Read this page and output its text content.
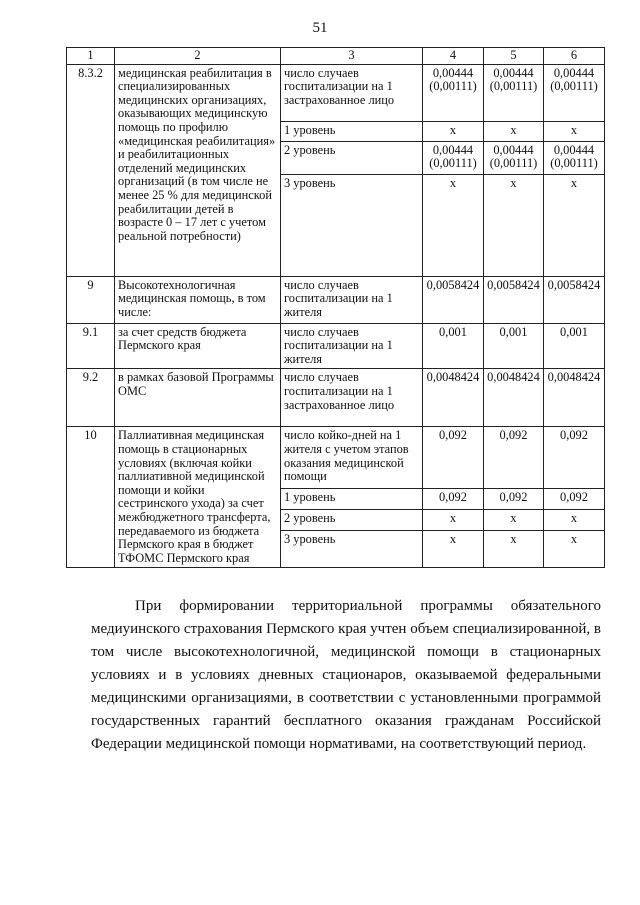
51
1	2	3	4	5	6
8.3.2	медицинская реабилитация в специализированных медицинских организациях, оказывающих медицинскую помощь по профилю «медицинская реабилитация» и реабилитационных отделений медицинских организаций (в том числе не менее 25 % для медицинской реабилитации детей в возрасте 0 – 17 лет с учетом реальной потребности)	число случаев госпитализации на 1 застрахованное лицо	0,00444 (0,00111)	0,00444 (0,00111)	0,00444 (0,00111)
		1 уровень	х	х	х
		2 уровень	0,00444 (0,00111)	0,00444 (0,00111)	0,00444 (0,00111)
		3 уровень	х	х	х
9	Высокотехнологичная медицинская помощь, в том числе:	число случаев госпитализации на 1 жителя	0,0058424	0,0058424	0,0058424
9.1	за счет средств бюджета Пермского края	число случаев госпитализации на 1 жителя	0,001	0,001	0,001
9.2	в рамках базовой Программы ОМС	число случаев госпитализации на 1 застрахованное лицо	0,0048424	0,0048424	0,0048424
10	Паллиативная медицинская помощь в стационарных условиях (включая койки паллиативной медицинской помощи и койки сестринского ухода) за счет межбюджетного трансферта, передаваемого из бюджета Пермского края в бюджет ТФОМС Пермского края	число койко-дней на 1 жителя с учетом этапов оказания медицинской помощи	0,092	0,092	0,092
		1 уровень	0,092	0,092	0,092
		2 уровень	х	х	х
		3 уровень	х	х	х

При формировании территориальной программы обязательного медиуинского страхования Пермского края учтен объем специализированной, в том числе высокотехнологичной, медицинской помощи в стационарных условиях и в условиях дневных стационаров, оказываемой федеральными медицинскими организациями, в соответствии с установленными программой государственных гарантий бесплатного оказания гражданам Российской Федерации медицинской помощи нормативами, на соответствующий период.
